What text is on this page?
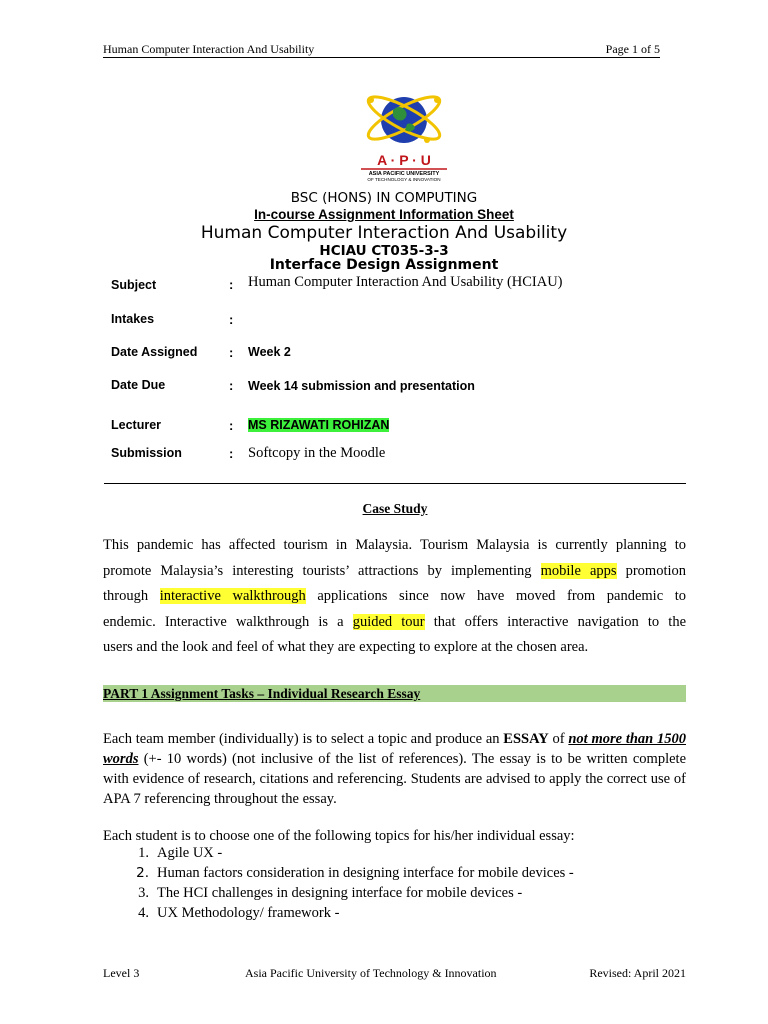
Human Computer Interaction And Usability	Page 1 of 5
A · P · U
ASIA PACIFIC UNIVERSITY
OF TECHNOLOGY & INNOVATION
BSC (HONS) IN COMPUTING
In-course Assignment Information Sheet
Human Computer Interaction And Usability
HCIAU CT035-3-3
Interface Design Assignment
Subject	: Human Computer Interaction And Usability (HCIAU)
Intakes	:
Date Assigned : Week 2
Date Due	: Week 14 submission and presentation
Lecturer	: MS RIZAWATI ROHIZAN
Submission	: Softcopy in the Moodle
Case Study
This pandemic has affected tourism in Malaysia. Tourism Malaysia is currently planning to
promote Malaysia’s interesting tourists’ attractions by implementing mobile apps promotion
through interactive walkthrough applications since now have moved from pandemic to
endemic. Interactive walkthrough is a guided tour that offers interactive navigation to the
users and the look and feel of what they are expecting to explore at the chosen area.
PART 1 Assignment Tasks – Individual Research Essay
Each team member (individually) is to select a topic and produce an ESSAY of not more than 1500 words (+- 10 words) (not inclusive of the list of references). The essay is to be written complete with evidence of research, citations and referencing. Students are advised to apply the correct use of APA 7 referencing throughout the essay.
Each student is to choose one of the following topics for his/her individual essay:
1. Agile UX -
2. Human factors consideration in designing interface for mobile devices -
3. The HCI challenges in designing interface for mobile devices -
4. UX Methodology/ framework -
Level 3	Asia Pacific University of Technology & Innovation	Revised: April 2021
